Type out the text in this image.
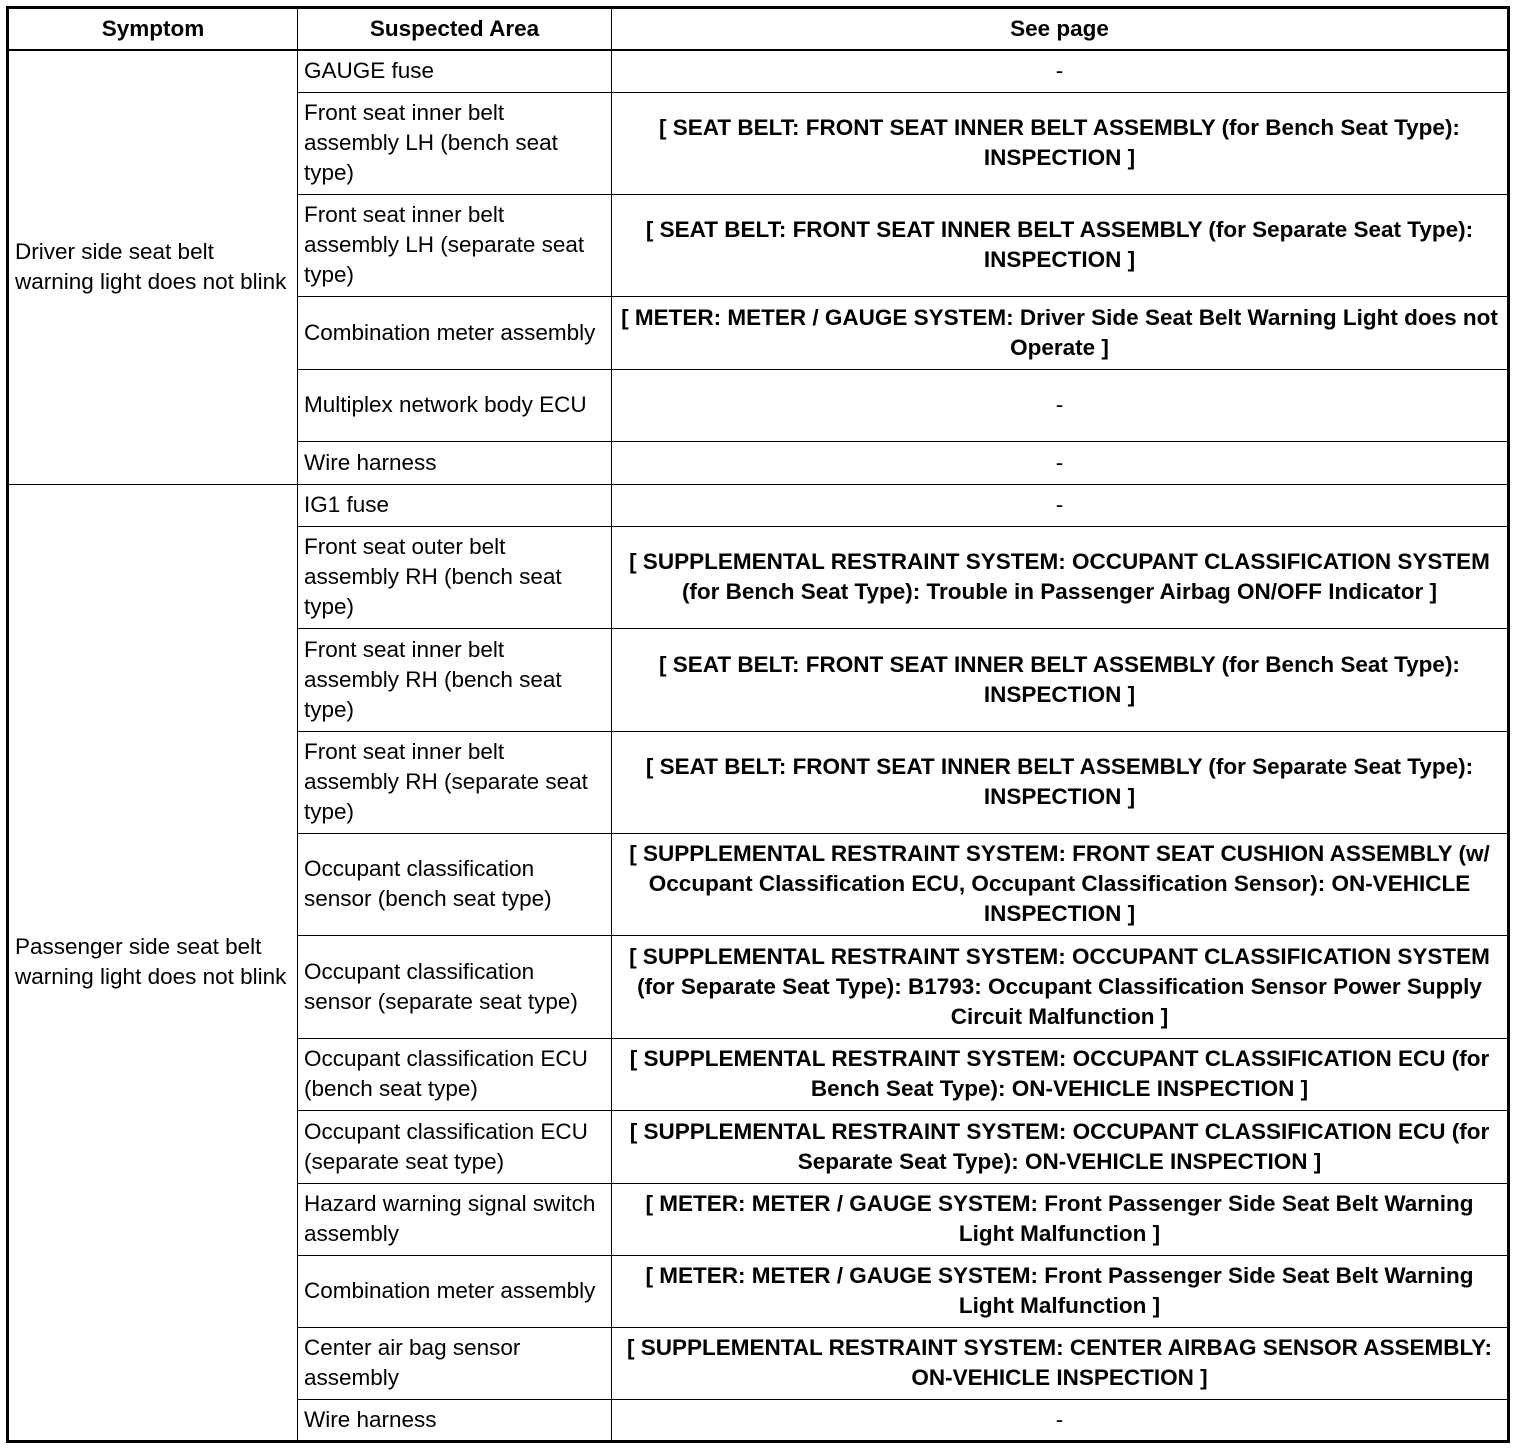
Symptom	Suspected Area	See page
Driver side seat belt warning light does not blink	GAUGE fuse	-
	Front seat inner belt assembly LH (bench seat type)	[ SEAT BELT: FRONT SEAT INNER BELT ASSEMBLY (for Bench Seat Type): INSPECTION ]
	Front seat inner belt assembly LH (separate seat type)	[ SEAT BELT: FRONT SEAT INNER BELT ASSEMBLY (for Separate Seat Type): INSPECTION ]
	Combination meter assembly	[ METER: METER / GAUGE SYSTEM: Driver Side Seat Belt Warning Light does not Operate ]
	Multiplex network body ECU	-
	Wire harness	-
Passenger side seat belt warning light does not blink	IG1 fuse	-
	Front seat outer belt assembly RH (bench seat type)	[ SUPPLEMENTAL RESTRAINT SYSTEM: OCCUPANT CLASSIFICATION SYSTEM (for Bench Seat Type): Trouble in Passenger Airbag ON/OFF Indicator ]
	Front seat inner belt assembly RH (bench seat type)	[ SEAT BELT: FRONT SEAT INNER BELT ASSEMBLY (for Bench Seat Type): INSPECTION ]
	Front seat inner belt assembly RH (separate seat type)	[ SEAT BELT: FRONT SEAT INNER BELT ASSEMBLY (for Separate Seat Type): INSPECTION ]
	Occupant classification sensor (bench seat type)	[ SUPPLEMENTAL RESTRAINT SYSTEM: FRONT SEAT CUSHION ASSEMBLY (w/ Occupant Classification ECU, Occupant Classification Sensor): ON-VEHICLE INSPECTION ]
	Occupant classification sensor (separate seat type)	[ SUPPLEMENTAL RESTRAINT SYSTEM: OCCUPANT CLASSIFICATION SYSTEM (for Separate Seat Type): B1793: Occupant Classification Sensor Power Supply Circuit Malfunction ]
	Occupant classification ECU (bench seat type)	[ SUPPLEMENTAL RESTRAINT SYSTEM: OCCUPANT CLASSIFICATION ECU (for Bench Seat Type): ON-VEHICLE INSPECTION ]
	Occupant classification ECU (separate seat type)	[ SUPPLEMENTAL RESTRAINT SYSTEM: OCCUPANT CLASSIFICATION ECU (for Separate Seat Type): ON-VEHICLE INSPECTION ]
	Hazard warning signal switch assembly	[ METER: METER / GAUGE SYSTEM: Front Passenger Side Seat Belt Warning Light Malfunction ]
	Combination meter assembly	[ METER: METER / GAUGE SYSTEM: Front Passenger Side Seat Belt Warning Light Malfunction ]
	Center air bag sensor assembly	[ SUPPLEMENTAL RESTRAINT SYSTEM: CENTER AIRBAG SENSOR ASSEMBLY: ON-VEHICLE INSPECTION ]
	Wire harness	-
